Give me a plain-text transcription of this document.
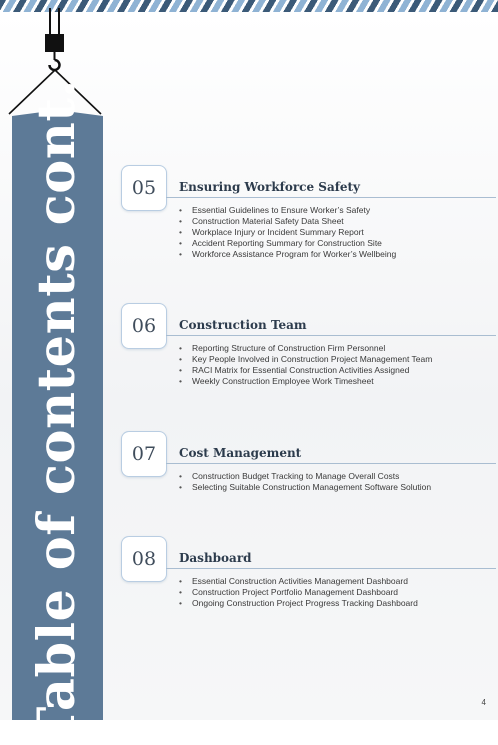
Table of contents cont.	05	Ensuring Workforce Safety
• Essential Guidelines to Ensure Worker’s Safety
• Construction Material Safety Data Sheet
• Workplace Injury or Incident Summary Report
• Accident Reporting Summary for Construction Site
• Workforce Assistance Program for Worker’s Wellbeing
06	Construction Team
• Reporting Structure of Construction Firm Personnel
• Key People Involved in Construction Project Management Team
• RACI Matrix for Essential Construction Activities Assigned
• Weekly Construction Employee Work Timesheet
07	Cost Management
• Construction Budget Tracking to Manage Overall Costs
• Selecting Suitable Construction Management Software Solution
08	Dashboard
• Essential Construction Activities Management Dashboard
• Construction Project Portfolio Management Dashboard
• Ongoing Construction Project Progress Tracking Dashboard
4
